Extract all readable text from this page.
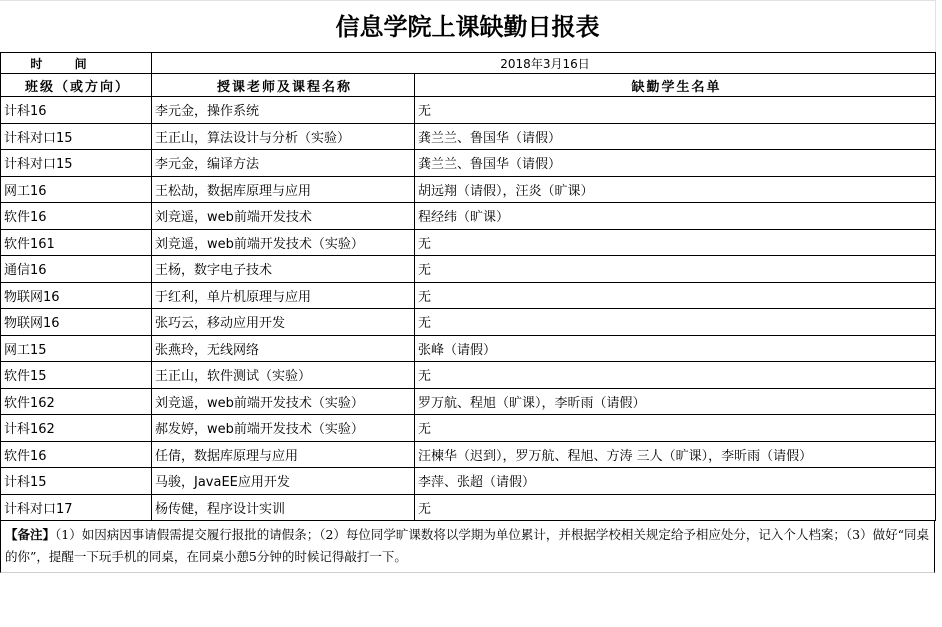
信息学院上课缺勤日报表
时 间	2018年3月16日	
班级（或方向）	授课老师及课程名称	缺勤学生名单
计科16	李元金，操作系统	无
计科对口15	王正山，算法设计与分析（实验）	龚兰兰、鲁国华（请假）
计科对口15	李元金，编译方法	龚兰兰、鲁国华（请假）
网工16	王松劼，数据库原理与应用	胡远翔（请假），汪炎（旷课）
软件16	刘竞遥，web前端开发技术	程经纬（旷课）
软件161	刘竞遥，web前端开发技术（实验）	无
通信16	王杨，数字电子技术	无
物联网16	于红利，单片机原理与应用	无
物联网16	张巧云，移动应用开发	无
网工15	张燕玲，无线网络	张峰（请假）
软件15	王正山，软件测试（实验）	无
软件162	刘竞遥，web前端开发技术（实验）	罗万航、程旭（旷课），李昕雨（请假）
计科162	郝发婷，web前端开发技术（实验）	无
软件16	任倩，数据库原理与应用	汪楝华（迟到），罗万航、程旭、方涛 三人（旷课），李昕雨（请假）
计科15	马骏，JavaEE应用开发	李萍、张超（请假）
计科对口17	杨传健，程序设计实训	无
【备注】（1）如因病因事请假需提交履行报批的请假条；（2）每位同学旷课数将以学期为单位累计，并根据学校相关规定给予相应处分，记入个人档案；（3）做好“同桌的你”，提醒一下玩手机的同桌，在同桌小憩5分钟的时候记得敲打一下。
